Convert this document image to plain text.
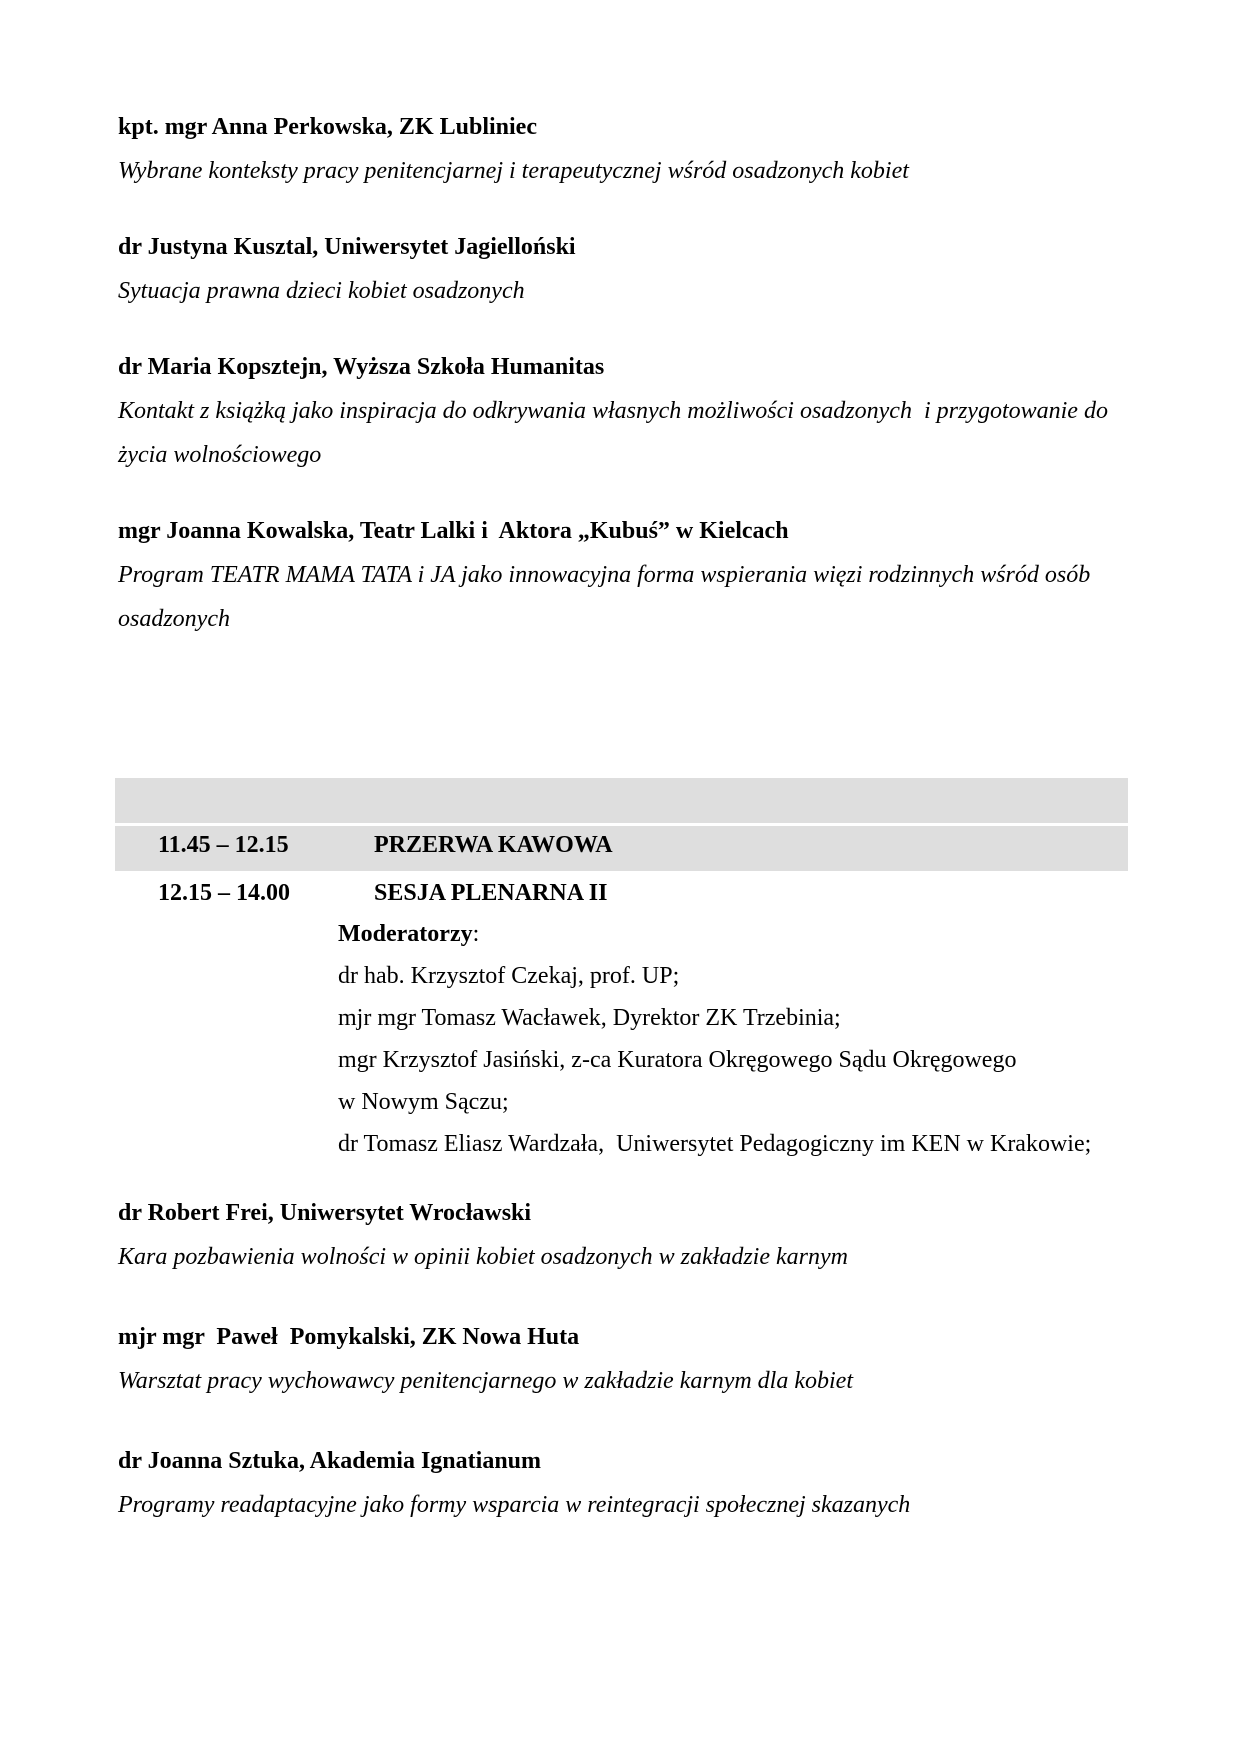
kpt. mgr Anna Perkowska, ZK Lubliniec

Wybrane konteksty pracy penitencjarnej i terapeutycznej wśród osadzonych kobiet

dr Justyna Kusztal, Uniwersytet Jagielloński

Sytuacja prawna dzieci kobiet osadzonych

dr Maria Kopsztejn, Wyższa Szkoła Humanitas

Kontakt z książką jako inspiracja do odkrywania własnych możliwości osadzonych  i przygotowanie do życia wolnościowego

mgr Joanna Kowalska, Teatr Lalki i  Aktora „Kubuś” w Kielcach

Program TEATR MAMA TATA i JA jako innowacyjna forma wspierania więzi rodzinnych wśród osób osadzonych

11.45 – 12.15	PRZERWA KAWOWA

12.15 – 14.00	SESJA PLENARNA II

Moderatorzy:

dr hab. Krzysztof Czekaj, prof. UP;

mjr mgr Tomasz Wacławek, Dyrektor ZK Trzebinia;

mgr Krzysztof Jasiński, z-ca Kuratora Okręgowego Sądu Okręgowego

w Nowym Sączu;

dr Tomasz Eliasz Wardzała,  Uniwersytet Pedagogiczny im KEN w Krakowie;

dr Robert Frei, Uniwersytet Wrocławski

Kara pozbawienia wolności w opinii kobiet osadzonych w zakładzie karnym

mjr mgr  Paweł  Pomykalski, ZK Nowa Huta

Warsztat pracy wychowawcy penitencjarnego w zakładzie karnym dla kobiet

dr Joanna Sztuka, Akademia Ignatianum

Programy readaptacyjne jako formy wsparcia w reintegracji społecznej skazanych
